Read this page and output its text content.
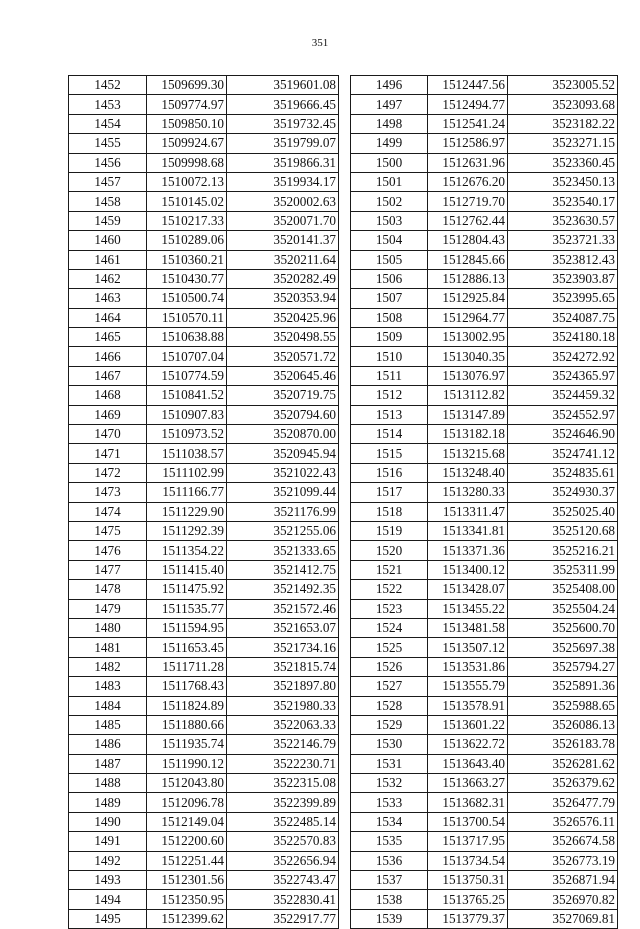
351
1452	1509699.30	3519601.08
1453	1509774.97	3519666.45
1454	1509850.10	3519732.45
1455	1509924.67	3519799.07
1456	1509998.68	3519866.31
1457	1510072.13	3519934.17
1458	1510145.02	3520002.63
1459	1510217.33	3520071.70
1460	1510289.06	3520141.37
1461	1510360.21	3520211.64
1462	1510430.77	3520282.49
1463	1510500.74	3520353.94
1464	1510570.11	3520425.96
1465	1510638.88	3520498.55
1466	1510707.04	3520571.72
1467	1510774.59	3520645.46
1468	1510841.52	3520719.75
1469	1510907.83	3520794.60
1470	1510973.52	3520870.00
1471	1511038.57	3520945.94
1472	1511102.99	3521022.43
1473	1511166.77	3521099.44
1474	1511229.90	3521176.99
1475	1511292.39	3521255.06
1476	1511354.22	3521333.65
1477	1511415.40	3521412.75
1478	1511475.92	3521492.35
1479	1511535.77	3521572.46
1480	1511594.95	3521653.07
1481	1511653.45	3521734.16
1482	1511711.28	3521815.74
1483	1511768.43	3521897.80
1484	1511824.89	3521980.33
1485	1511880.66	3522063.33
1486	1511935.74	3522146.79
1487	1511990.12	3522230.71
1488	1512043.80	3522315.08
1489	1512096.78	3522399.89
1490	1512149.04	3522485.14
1491	1512200.60	3522570.83
1492	1512251.44	3522656.94
1493	1512301.56	3522743.47
1494	1512350.95	3522830.41
1495	1512399.62	3522917.77
1496	1512447.56	3523005.52
1497	1512494.77	3523093.68
1498	1512541.24	3523182.22
1499	1512586.97	3523271.15
1500	1512631.96	3523360.45
1501	1512676.20	3523450.13
1502	1512719.70	3523540.17
1503	1512762.44	3523630.57
1504	1512804.43	3523721.33
1505	1512845.66	3523812.43
1506	1512886.13	3523903.87
1507	1512925.84	3523995.65
1508	1512964.77	3524087.75
1509	1513002.95	3524180.18
1510	1513040.35	3524272.92
1511	1513076.97	3524365.97
1512	1513112.82	3524459.32
1513	1513147.89	3524552.97
1514	1513182.18	3524646.90
1515	1513215.68	3524741.12
1516	1513248.40	3524835.61
1517	1513280.33	3524930.37
1518	1513311.47	3525025.40
1519	1513341.81	3525120.68
1520	1513371.36	3525216.21
1521	1513400.12	3525311.99
1522	1513428.07	3525408.00
1523	1513455.22	3525504.24
1524	1513481.58	3525600.70
1525	1513507.12	3525697.38
1526	1513531.86	3525794.27
1527	1513555.79	3525891.36
1528	1513578.91	3525988.65
1529	1513601.22	3526086.13
1530	1513622.72	3526183.78
1531	1513643.40	3526281.62
1532	1513663.27	3526379.62
1533	1513682.31	3526477.79
1534	1513700.54	3526576.11
1535	1513717.95	3526674.58
1536	1513734.54	3526773.19
1537	1513750.31	3526871.94
1538	1513765.25	3526970.82
1539	1513779.37	3527069.81
